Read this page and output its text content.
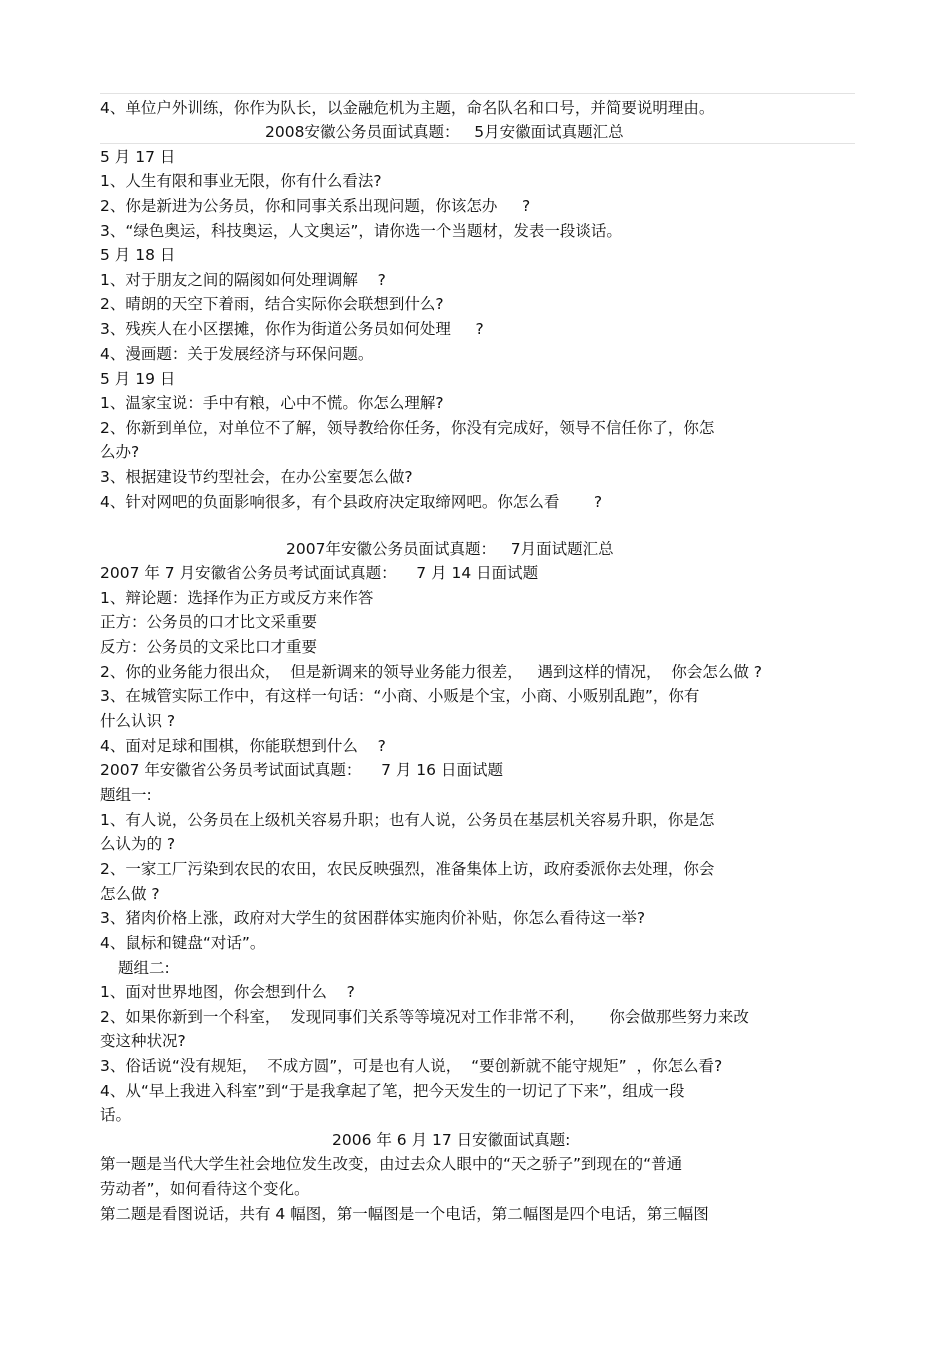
4、单位户外训练，你作为队长，以金融危机为主题，命名队名和口号，并简要说明理由。
2008安徽公务员面试真题：   5月安徽面试真题汇总
5 月 17 日
1、人生有限和事业无限，你有什么看法?
2、你是新进为公务员，你和同事关系出现问题，你该怎办     ?
3、“绿色奥运，科技奥运，人文奥运”，请你选一个当题材，发表一段谈话。
5 月 18 日
1、对于朋友之间的隔阂如何处理调解    ?
2、晴朗的天空下着雨，结合实际你会联想到什么?
3、残疾人在小区摆摊，你作为街道公务员如何处理     ?
4、漫画题：关于发展经济与环保问题。
5 月 19 日
1、温家宝说：手中有粮，心中不慌。你怎么理解?
2、你新到单位，对单位不了解，领导教给你任务，你没有完成好，领导不信任你了，你怎
么办?
3、根据建设节约型社会，在办公室要怎么做?
4、针对网吧的负面影响很多，有个县政府决定取缔网吧。你怎么看       ?
2007年安徽公务员面试真题：   7月面试题汇总
2007 年 7 月安徽省公务员考试面试真题：    7 月 14 日面试题
1、辩论题：选择作为正方或反方来作答
正方：公务员的口才比文采重要
反方：公务员的文采比口才重要
2、你的业务能力很出众，  但是新调来的领导业务能力很差，   遇到这样的情况，  你会怎么做 ?
3、在城管实际工作中，有这样一句话：“小商、小贩是个宝，小商、小贩别乱跑”，你有
什么认识 ?
4、面对足球和围棋，你能联想到什么    ?
2007 年安徽省公务员考试面试真题：    7 月 16 日面试题
题组一:
1、有人说，公务员在上级机关容易升职；也有人说，公务员在基层机关容易升职，你是怎
么认为的 ?
2、一家工厂污染到农民的农田，农民反映强烈，准备集体上访，政府委派你去处理，你会
怎么做 ?
3、猪肉价格上涨，政府对大学生的贫困群体实施肉价补贴，你怎么看待这一举?
4、鼠标和键盘“对话”。
题组二:
1、面对世界地图，你会想到什么    ?
2、如果你新到一个科室，  发现同事们关系等等境况对工作非常不利，     你会做那些努力来改
变这种状况?
3、俗话说“没有规矩，  不成方圆”，可是也有人说，  “要创新就不能守规矩”  ，你怎么看?
4、从“早上我进入科室”到“于是我拿起了笔，把今天发生的一切记了下来”，组成一段
话。
2006 年 6 月 17 日安徽面试真题:
第一题是当代大学生社会地位发生改变，由过去众人眼中的“天之骄子”到现在的“普通
劳动者”，如何看待这个变化。
第二题是看图说话，共有 4 幅图，第一幅图是一个电话，第二幅图是四个电话，第三幅图
